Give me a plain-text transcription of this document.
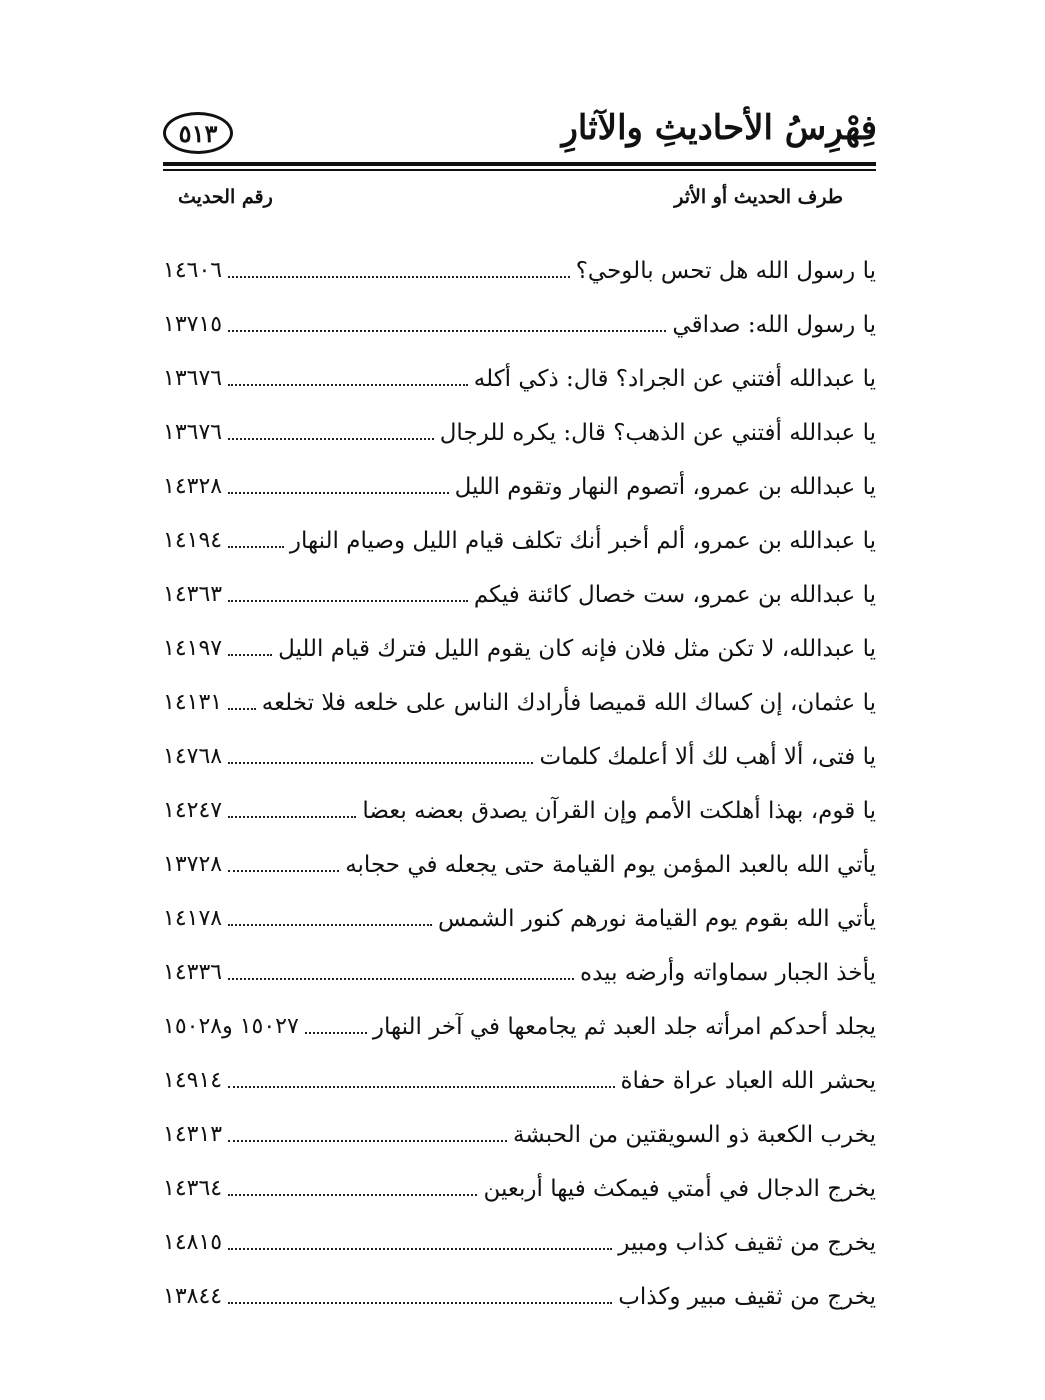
فِهْرِسُ الأحاديثِ والآثارِ
٥١٣
طرف الحديث أو الأثر
رقم الحديث
يا رسول الله هل تحس بالوحي؟
١٤٦٠٦
يا رسول الله: صداقي
١٣٧١٥
يا عبدالله أفتني عن الجراد؟ قال: ذكي أكله
١٣٦٧٦
يا عبدالله أفتني عن الذهب؟ قال: يكره للرجال
١٣٦٧٦
يا عبدالله بن عمرو، أتصوم النهار وتقوم الليل
١٤٣٢٨
يا عبدالله بن عمرو، ألم أخبر أنك تكلف قيام الليل وصيام النهار
١٤١٩٤
يا عبدالله بن عمرو، ست خصال كائنة فيكم
١٤٣٦٣
يا عبدالله، لا تكن مثل فلان فإنه كان يقوم الليل فترك قيام الليل
١٤١٩٧
يا عثمان، إن كساك الله قميصا فأرادك الناس على خلعه فلا تخلعه
١٤١٣١
يا فتى، ألا أهب لك ألا أعلمك كلمات
١٤٧٦٨
يا قوم، بهذا أهلكت الأمم وإن القرآن يصدق بعضه بعضا
١٤٢٤٧
يأتي الله بالعبد المؤمن يوم القيامة حتى يجعله في حجابه
١٣٧٢٨
يأتي الله بقوم يوم القيامة نورهم كنور الشمس
١٤١٧٨
يأخذ الجبار سماواته وأرضه بيده
١٤٣٣٦
يجلد أحدكم امرأته جلد العبد ثم يجامعها في آخر النهار
١٥٠٢٧ و١٥٠٢٨
يحشر الله العباد عراة حفاة
١٤٩١٤
يخرب الكعبة ذو السويقتين من الحبشة
١٤٣١٣
يخرج الدجال في أمتي فيمكث فيها أربعين
١٤٣٦٤
يخرج من ثقيف كذاب ومبير
١٤٨١٥
يخرج من ثقيف مبير وكذاب
١٣٨٤٤
